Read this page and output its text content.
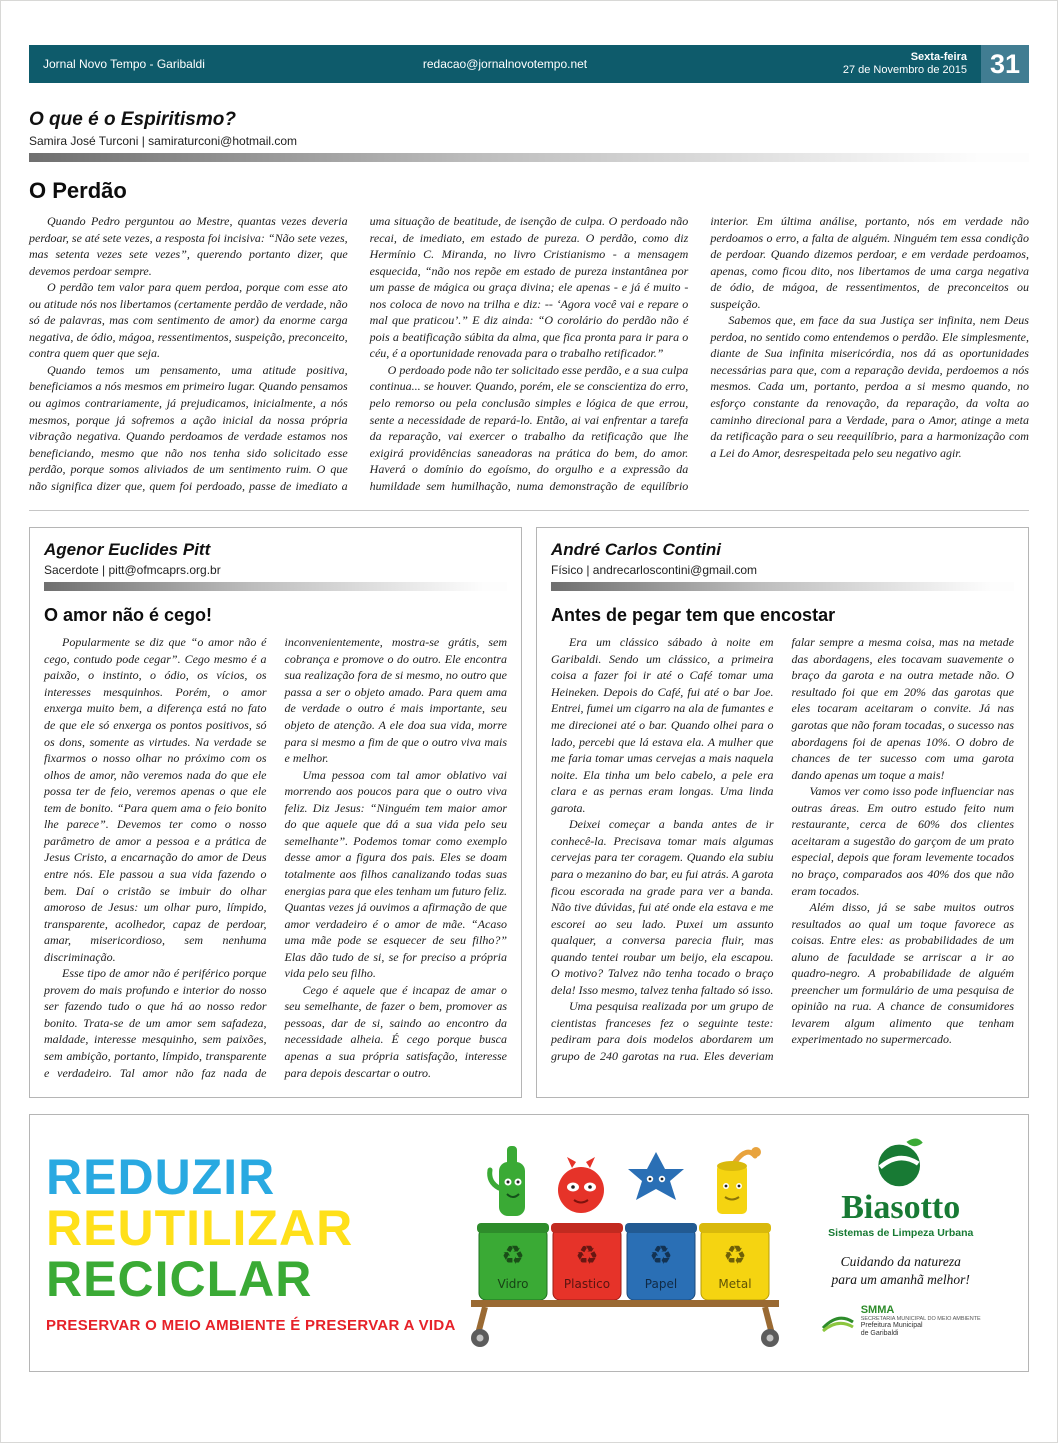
Jornal Novo Tempo - Garibaldi	redacao@jornalnovotempo.net	Sexta-feira
27 de Novembro de 2015 31
O que é o Espiritismo?
Samira José Turconi | samiraturconi@hotmail.com
O Perdão

Quando Pedro perguntou ao Mestre, quantas vezes deveria perdoar, se até sete vezes, a resposta foi incisiva: “Não sete vezes, mas setenta vezes sete vezes”, querendo portanto dizer, que devemos perdoar sempre.

O perdão tem valor para quem perdoa, porque com esse ato ou atitude nós nos libertamos (certamente perdão de verdade, não só de palavras, mas com sentimento de amor) da enorme carga negativa, de ódio, mágoa, ressentimentos, suspeição, preconceito, contra quem quer que seja.

Quando temos um pensamento, uma atitude positiva, beneficiamos a nós mesmos em primeiro lugar. Quando pensamos ou agimos contrariamente, já prejudicamos, inicialmente, a nós mesmos, porque já sofremos a ação inicial da nossa própria vibração negativa. Quando perdoamos de verdade estamos nos beneficiando, mesmo que não nos tenha sido solicitado esse perdão, porque somos aliviados de um sentimento ruim. O que não significa dizer que, quem foi perdoado, passe de imediato a uma situação de beatitude, de isenção de culpa. O perdoado não recai, de imediato, em estado de pureza. O perdão, como diz Hermínio C. Miranda, no livro Cristianismo - a mensagem esquecida, “não nos repõe em estado de pureza instantânea por um passe de mágica ou graça divina; ele apenas - e já é muito - nos coloca de novo na trilha e diz: -- ‘Agora você vai e repare o mal que praticou’.” E diz ainda: “O corolário do perdão não é pois a beatificação súbita da alma, que fica pronta para ir para o céu, é a oportunidade renovada para o trabalho retificador.”

O perdoado pode não ter solicitado esse perdão, e a sua culpa continua... se houver. Quando, porém, ele se conscientiza do erro, pelo remorso ou pela conclusão simples e lógica de que errou, sente a necessidade de repará-lo. Então, ai vai enfrentar a tarefa da reparação, vai exercer o trabalho da retificação que lhe exigirá providências saneadoras na prática do bem, do amor. Haverá o domínio do egoísmo, do orgulho e a expressão da humildade sem humilhação, numa demonstração de equilíbrio interior. Em última análise, portanto, nós em verdade não perdoamos o erro, a falta de alguém. Ninguém tem essa condição de perdoar. Quando dizemos perdoar, e em verdade perdoamos, apenas, como ficou dito, nos libertamos de uma carga negativa de ódio, de mágoa, de ressentimentos, de preconceitos ou suspeição.

Sabemos que, em face da sua Justiça ser infinita, nem Deus perdoa, no sentido como entendemos o perdão. Ele simplesmente, diante de Sua infinita misericórdia, nos dá as oportunidades necessárias para que, com a reparação devida, perdoemos a nós mesmos. Cada um, portanto, perdoa a si mesmo quando, no esforço constante da renovação, da reparação, da volta ao caminho direcional para a Verdade, para o Amor, atinge a meta da retificação para o seu reequilíbrio, para a harmonização com a Lei do Amor, desrespeitada pelo seu negativo agir.

Agenor Euclides Pitt
Sacerdote | pitt@ofmcaprs.org.br
O amor não é cego!

Popularmente se diz que “o amor não é cego, contudo pode cegar”. Cego mesmo é a paixão, o instinto, o ódio, os vícios, os interesses mesquinhos. Porém, o amor enxerga muito bem, a diferença está no fato de que ele só enxerga os pontos positivos, só os dons, somente as virtudes. Na verdade se fixarmos o nosso olhar no próximo com os olhos de amor, não veremos nada do que ele possa ter de feio, veremos apenas o que ele tem de bonito. “Para quem ama o feio bonito lhe parece”. Devemos ter como o nosso parâmetro de amor a pessoa e a prática de Jesus Cristo, a encarnação do amor de Deus entre nós. Ele passou a sua vida fazendo o bem. Daí o cristão se imbuir do olhar amoroso de Jesus: um olhar puro, límpido, transparente, acolhedor, capaz de perdoar, amar, misericordioso, sem nenhuma discriminação.

Esse tipo de amor não é periférico porque provem do mais profundo e interior do nosso ser fazendo tudo o que há ao nosso redor bonito. Trata-se de um amor sem safadeza, maldade, interesse mesquinho, sem paixões, sem ambição, portanto, límpido, transparente e verdadeiro. Tal amor não faz nada de inconvenientemente, mostra-se grátis, sem cobrança e promove o do outro. Ele encontra sua realização fora de si mesmo, no outro que passa a ser o objeto amado. Para quem ama de verdade o outro é mais importante, seu objeto de atenção. A ele doa sua vida, morre para si mesmo a fim de que o outro viva mais e melhor.

Uma pessoa com tal amor oblativo vai morrendo aos poucos para que o outro viva feliz. Diz Jesus: “Ninguém tem maior amor do que aquele que dá a sua vida pelo seu semelhante”. Podemos tomar como exemplo desse amor a figura dos pais. Eles se doam totalmente aos filhos canalizando todas suas energias para que eles tenham um futuro feliz. Quantas vezes já ouvimos a afirmação de que amor verdadeiro é o amor de mãe. “Acaso uma mãe pode se esquecer de seu filho?” Elas dão tudo de si, se for preciso a própria vida pelo seu filho.

Cego é aquele que é incapaz de amar o seu semelhante, de fazer o bem, promover as pessoas, dar de si, saindo ao encontro da necessidade alheia. É cego porque busca apenas a sua própria satisfação, interesse para depois descartar o outro.

André Carlos Contini
Físico | andrecarloscontini@gmail.com
Antes de pegar tem que encostar

Era um clássico sábado à noite em Garibaldi. Sendo um clássico, a primeira coisa a fazer foi ir até o Café tomar uma Heineken. Depois do Café, fui até o bar Joe. Entrei, fumei um cigarro na ala de fumantes e me direcionei até o bar. Quando olhei para o lado, percebi que lá estava ela. A mulher que me faria tomar umas cervejas a mais naquela noite. Ela tinha um belo cabelo, a pele era clara e as pernas eram longas. Uma linda garota.

Deixei começar a banda antes de ir conhecê-la. Precisava tomar mais algumas cervejas para ter coragem. Quando ela subiu para o mezanino do bar, eu fui atrás. A garota ficou escorada na grade para ver a banda. Não tive dúvidas, fui até onde ela estava e me escorei ao seu lado. Puxei um assunto qualquer, a conversa parecia fluir, mas quando tentei roubar um beijo, ela escapou. O motivo? Talvez não tenha tocado o braço dela! Isso mesmo, talvez tenha faltado só isso.

Uma pesquisa realizada por um grupo de cientistas franceses fez o seguinte teste: pediram para dois modelos abordarem um grupo de 240 garotas na rua. Eles deveriam falar sempre a mesma coisa, mas na metade das abordagens, eles tocavam suavemente o braço da garota e na outra metade não. O resultado foi que em 20% das garotas que eles tocaram aceitaram o convite. Já nas garotas que não foram tocadas, o sucesso nas abordagens foi de apenas 10%. O dobro de chances de ter sucesso com uma garota dando apenas um toque a mais!

Vamos ver como isso pode influenciar nas outras áreas. Em outro estudo feito num restaurante, cerca de 60% dos clientes aceitaram a sugestão do garçom de um prato especial, depois que foram levemente tocados no braço, comparados aos 40% dos que não eram tocados.

Além disso, já se sabe muitos outros resultados ao qual um toque favorece as coisas. Entre eles: as probabilidades de um aluno de faculdade se arriscar a ir ao quadro-negro. A probabilidade de alguém preencher um formulário de uma pesquisa de opinião na rua. A chance de consumidores levarem algum alimento que tenham experimentado no supermercado.

REDUZIR
REUTILIZAR
RECICLAR
PRESERVAR O MEIO AMBIENTE É PRESERVAR A VIDA
♻
Vidro
♻
Plastico
♻
Papel
♻
Metal
Biasotto
Sistemas de Limpeza Urbana
Cuidando da natureza
para um amanhã melhor!
SMMA
SECRETARIA MUNICIPAL DO MEIO AMBIENTE
Prefeitura Municipal
de Garibaldi
